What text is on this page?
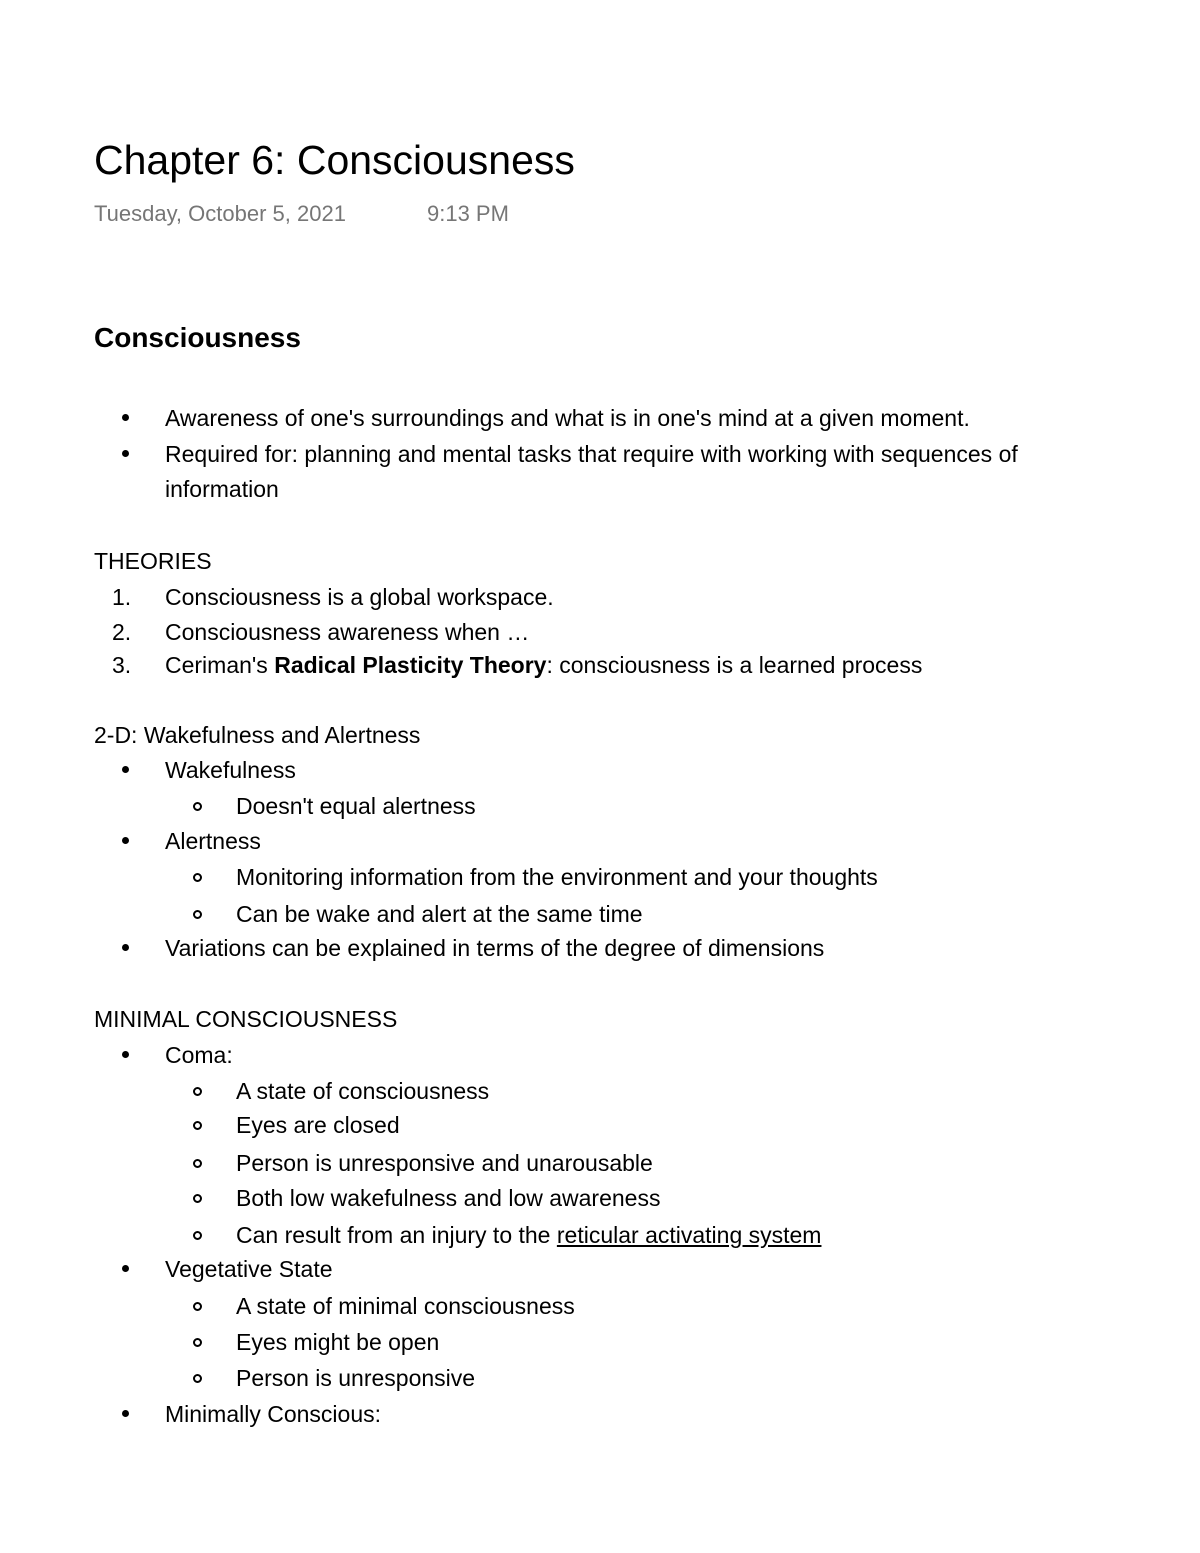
Chapter 6: Consciousness
Tuesday, October 5, 2021	9:13 PM
Consciousness
Awareness of one's surroundings and what is in one's mind at a given moment.
Required for: planning and mental tasks that require with working with sequences of
information
THEORIES
1.	Consciousness is a global workspace.
2.	Consciousness awareness when …
3.	Ceriman's Radical Plasticity Theory: consciousness is a learned process
2-D: Wakefulness and Alertness
Wakefulness
Doesn't equal alertness
Alertness
Monitoring information from the environment and your thoughts
Can be wake and alert at the same time
Variations can be explained in terms of the degree of dimensions
MINIMAL CONSCIOUSNESS
Coma:
A state of consciousness
Eyes are closed
Person is unresponsive and unarousable
Both low wakefulness and low awareness
Can result from an injury to the reticular activating system
Vegetative State
A state of minimal consciousness
Eyes might be open
Person is unresponsive
Minimally Conscious:
